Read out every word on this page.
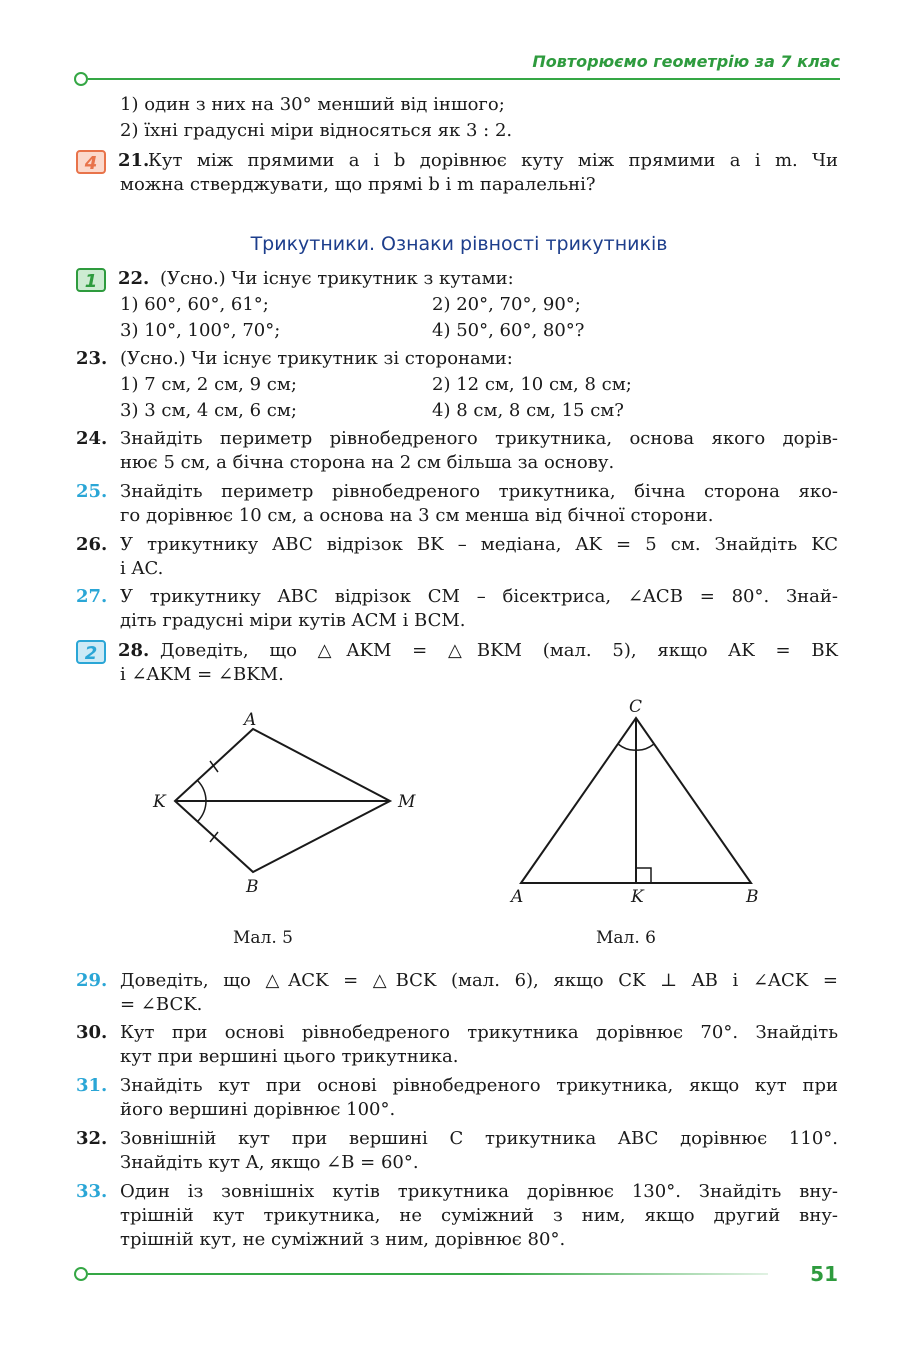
Повторюємо геометрію за 7 клас
1) один з них на 30° менший від іншого;
2) їхні градусні міри відносяться як 3 : 2.
4	21.
Кут між прямими a і b дорівнює куту між прямими a і m. Чи
можна стверджувати, що прямі b і m паралельні?
Трикутники. Ознаки рівності трикутників
1	22. (Усно.) Чи існує трикутник з кутами:
1) 60°, 60°, 61°;	2) 20°, 70°, 90°;
3) 10°, 100°, 70°;	4) 50°, 60°, 80°?
23. (Усно.) Чи існує трикутник зі сторонами:
1) 7 см, 2 см, 9 см;	2) 12 см, 10 см, 8 см;
3) 3 см, 4 см, 6 см;	4) 8 см, 8 см, 15 см?
24. Знайдіть периметр рівнобедреного трикутника, основа якого дорів-
нює 5 см, а бічна сторона на 2 см більша за основу.
25. Знайдіть периметр рівнобедреного трикутника, бічна сторона яко-
го дорівнює 10 см, а основа на 3 см менша від бічної сторони.
26. У трикутнику ABC відрізок BK – медіана, AK = 5 см. Знайдіть KC
і AC.
27. У трикутнику ABC відрізок CM – бісектриса, ∠ACB = 80°. Знай-
діть градусні міри кутів ACM і BCM.
2	28. Доведіть, що △AKM = △BKM (мал. 5), якщо AK = BK
і ∠AKM = ∠BKM.
A
K	M
B
Мал. 5
C
A	K	B
Мал. 6
29. Доведіть, що △ACK = △BCK (мал. 6), якщо CK ⊥ AB і ∠ACK =
= ∠BCK.
30. Кут при основі рівнобедреного трикутника дорівнює 70°. Знайдіть
кут при вершині цього трикутника.
31. Знайдіть кут при основі рівнобедреного трикутника, якщо кут при
його вершині дорівнює 100°.
32. Зовнішній кут при вершині C трикутника ABC дорівнює 110°.
Знайдіть кут A, якщо ∠B = 60°.
33. Один із зовнішніх кутів трикутника дорівнює 130°. Знайдіть вну-
трішній кут трикутника, не суміжний з ним, якщо другий вну-
трішній кут, не суміжний з ним, дорівнює 80°.
51
